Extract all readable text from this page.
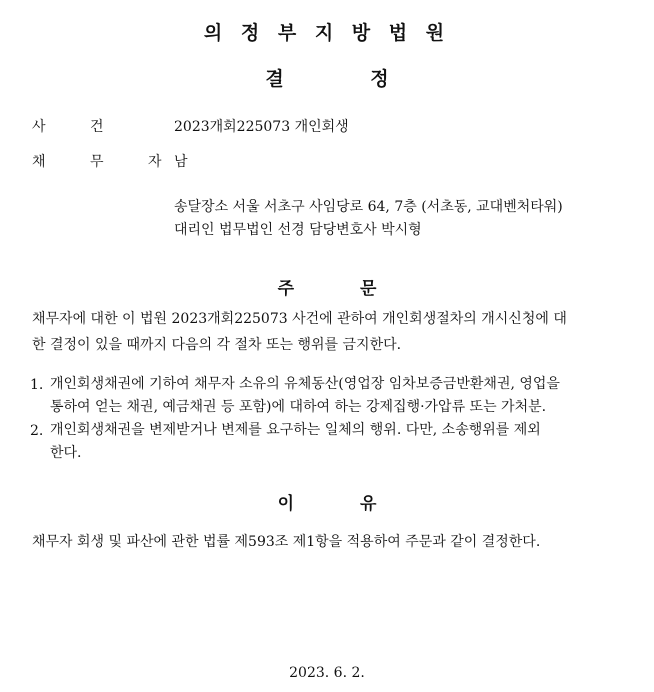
의 정 부 지 방 법 원
결 정
사 건	2023개회225073 개인회생
채 무 자 남
송달장소 서울 서초구 사임당로 64, 7층 (서초동, 교대벤처타워)
대리인 법무법인 선경 담당변호사 박시형
주 문
채무자에 대한 이 법원 2023개회225073 사건에 관하여 개인회생절차의 개시신청에 대
한 결정이 있을 때까지 다음의 각 절차 또는 행위를 금지한다.
1. 개인회생채권에 기하여 채무자 소유의 유체동산(영업장 임차보증금반환채권, 영업을
통하여 얻는 채권, 예금채권 등 포함)에 대하여 하는 강제집행·가압류 또는 가처분.
2. 개인회생채권을 변제받거나 변제를 요구하는 일체의 행위. 다만, 소송행위를 제외
한다.
이 유
채무자 회생 및 파산에 관한 법률 제593조 제1항을 적용하여 주문과 같이 결정한다.
2023. 6. 2.
